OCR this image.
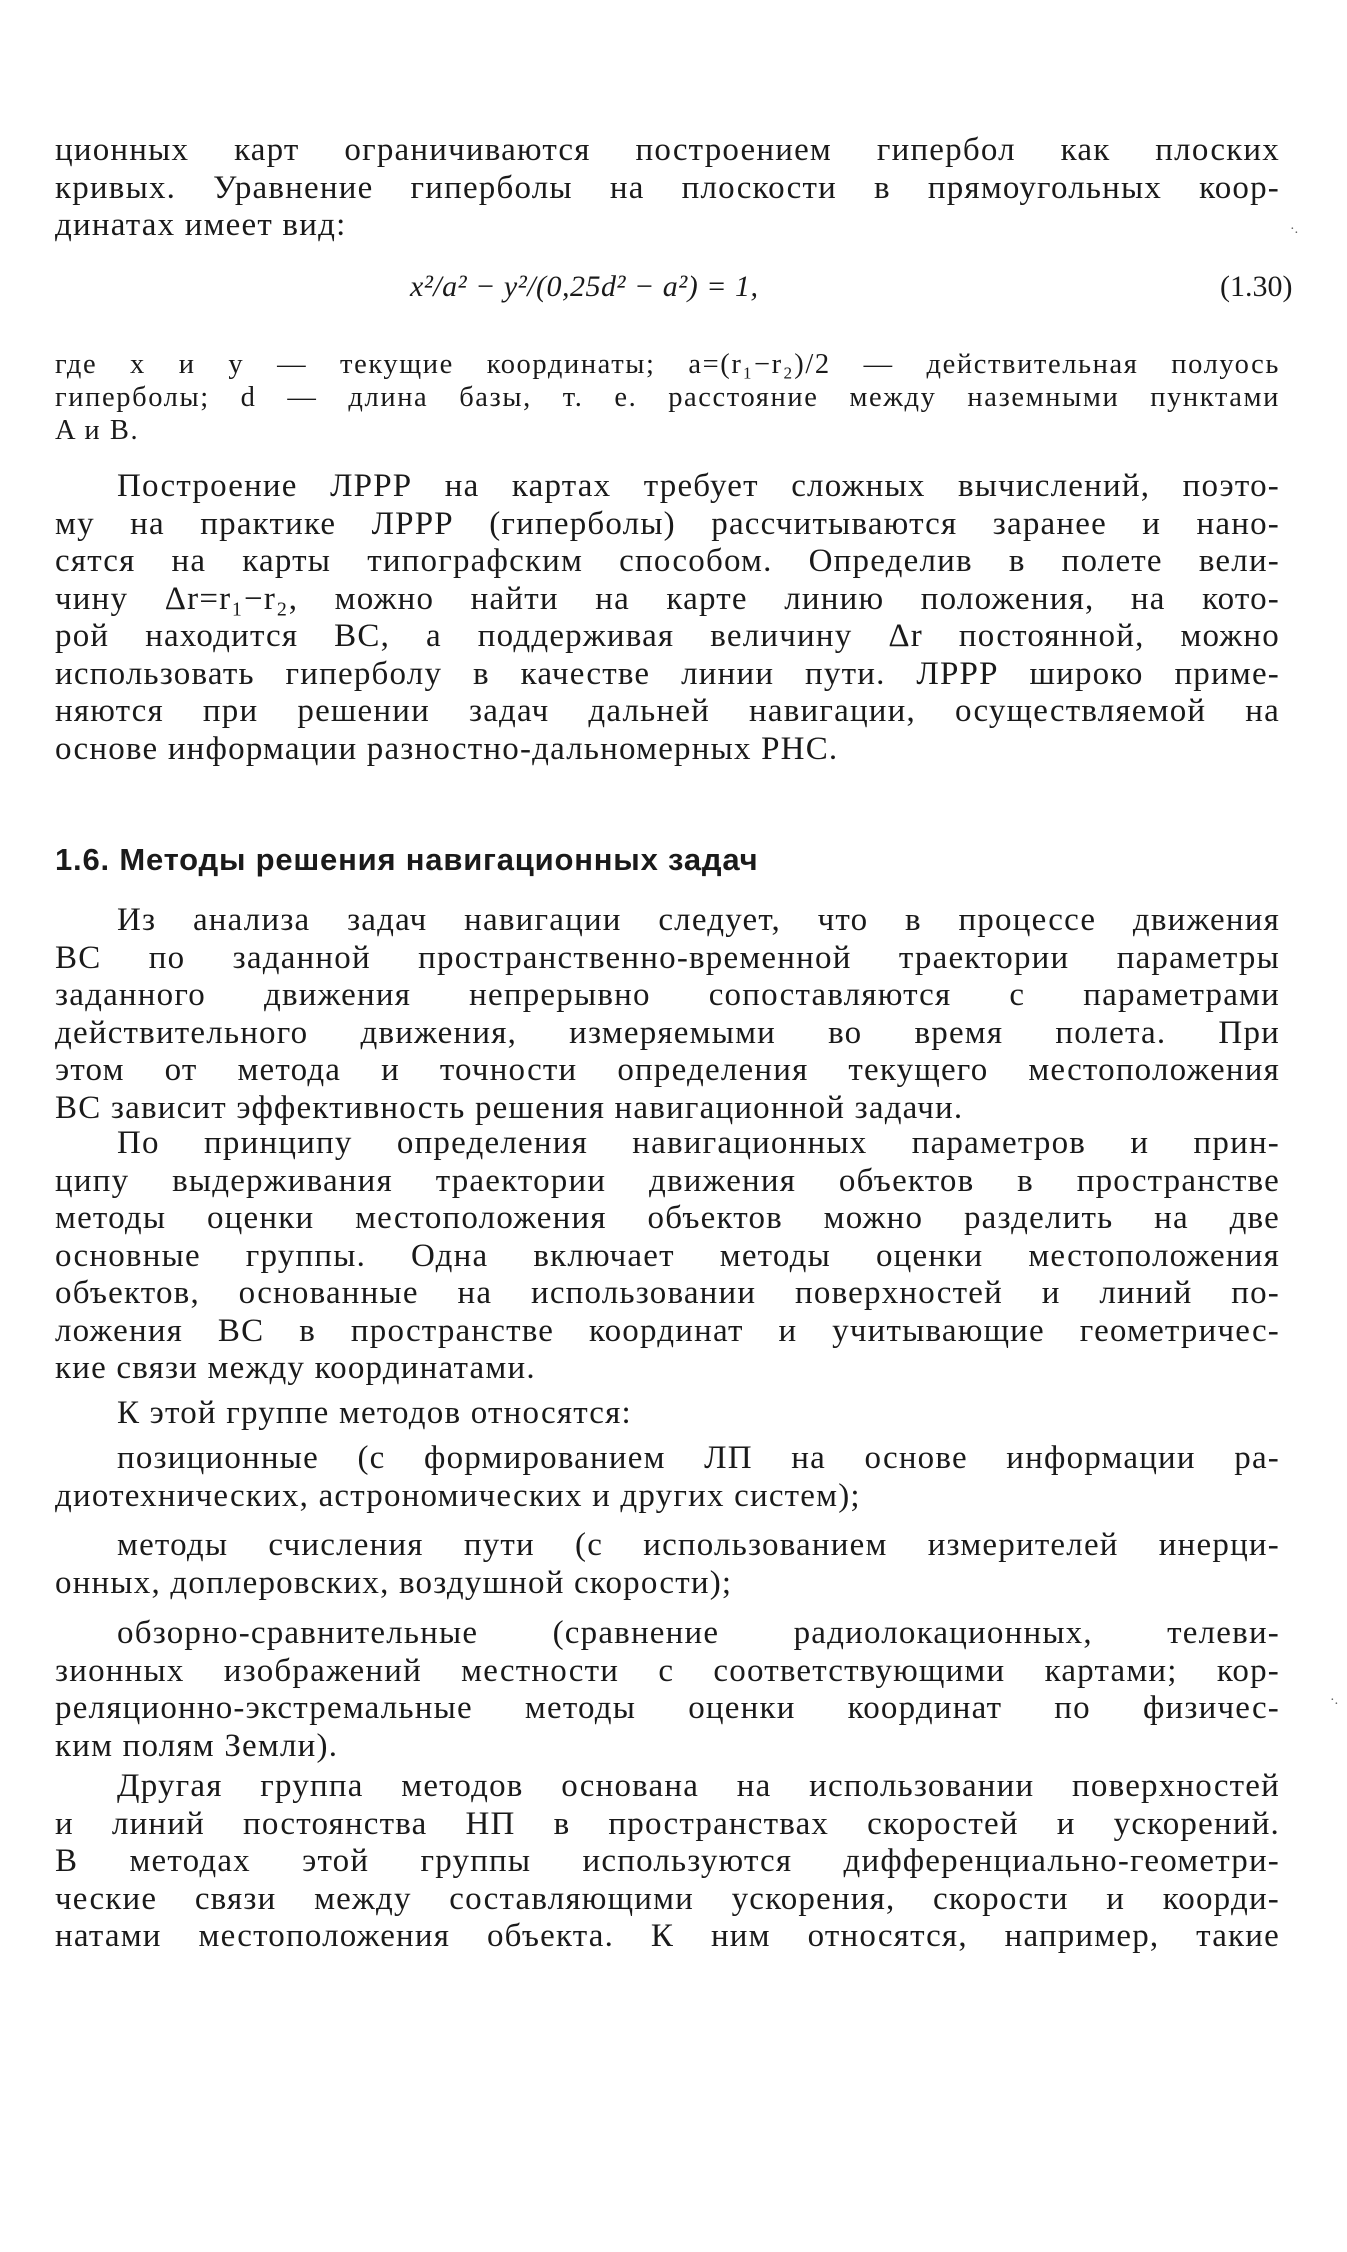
ционных карт ограничиваются построением гипербол как плоских
кривых. Уравнение гиперболы на плоскости в прямоугольных коор-
динатах имеет вид:
x²/a² − y²/(0,25d² − a²) = 1,	(1.30)
где x и y — текущие координаты; a=(r₁−r₂)/2 — действительная полуось
гиперболы; d — длина базы, т. е. расстояние между наземными пунктами
A и B.
Построение ЛРРР на картах требует сложных вычислений, поэто-
му на практике ЛРРР (гиперболы) рассчитываются заранее и нано-
сятся на карты типографским способом. Определив в полете вели-
чину Δr=r₁−r₂, можно найти на карте линию положения, на кото-
рой находится ВС, а поддерживая величину Δr постоянной, можно
использовать гиперболу в качестве линии пути. ЛРРР широко приме-
няются при решении задач дальней навигации, осуществляемой на
основе информации разностно-дальномерных РНС.
1.6. Методы решения навигационных задач
Из анализа задач навигации следует, что в процессе движения
ВС по заданной пространственно-временной траектории параметры
заданного движения непрерывно сопоставляются с параметрами
действительного движения, измеряемыми во время полета. При
этом от метода и точности определения текущего местоположения
ВС зависит эффективность решения навигационной задачи.
По принципу определения навигационных параметров и прин-
ципу выдерживания траектории движения объектов в пространстве
методы оценки местоположения объектов можно разделить на две
основные группы. Одна включает методы оценки местоположения
объектов, основанные на использовании поверхностей и линий по-
ложения ВС в пространстве координат и учитывающие геометричес-
кие связи между координатами.
К этой группе методов относятся:
позиционные (с формированием ЛП на основе информации ра-
диотехнических, астрономических и других систем);
методы счисления пути (с использованием измерителей инерци-
онных, доплеровских, воздушной скорости);
обзорно-сравнительные (сравнение радиолокационных, телеви-
зионных изображений местности с соответствующими картами; кор-
реляционно-экстремальные методы оценки координат по физичес-
ким полям Земли).
Другая группа методов основана на использовании поверхностей
и линий постоянства НП в пространствах скоростей и ускорений.
В методах этой группы используются дифференциально-геометри-
ческие связи между составляющими ускорения, скорости и коорди-
натами местоположения объекта. К ним относятся, например, такие
·.
·.
